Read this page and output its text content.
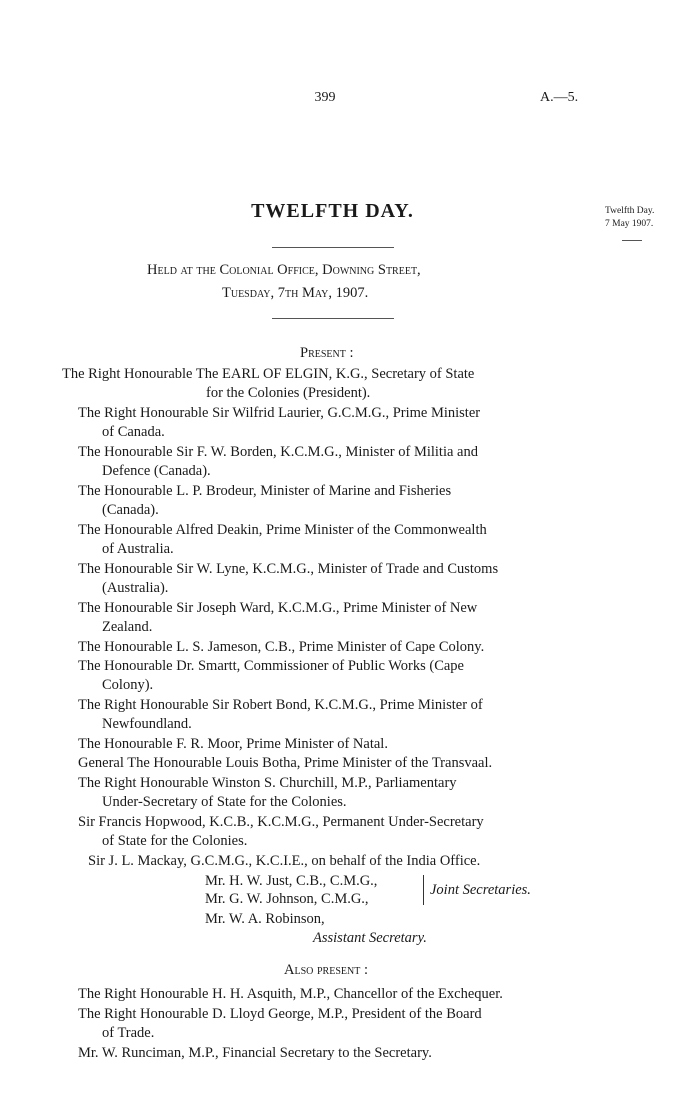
399	A.—5.
TWELFTH DAY.	Twelfth Day.
7 May 1907.
Held at the Colonial Office, Downing Street,
Tuesday, 7th May, 1907.
Present :
The Right Honourable The EARL OF ELGIN, K.G., Secretary of State
for the Colonies (President).
The Right Honourable Sir Wilfrid Laurier, G.C.M.G., Prime Minister
of Canada.
The Honourable Sir F. W. Borden, K.C.M.G., Minister of Militia and
Defence (Canada).
The Honourable L. P. Brodeur, Minister of Marine and Fisheries
(Canada).
The Honourable Alfred Deakin, Prime Minister of the Commonwealth
of Australia.
The Honourable Sir W. Lyne, K.C.M.G., Minister of Trade and Customs
(Australia).
The Honourable Sir Joseph Ward, K.C.M.G., Prime Minister of New
Zealand.
The Honourable L. S. Jameson, C.B., Prime Minister of Cape Colony.
The Honourable Dr. Smartt, Commissioner of Public Works (Cape
Colony).
The Right Honourable Sir Robert Bond, K.C.M.G., Prime Minister of
Newfoundland.
The Honourable F. R. Moor, Prime Minister of Natal.
General The Honourable Louis Botha, Prime Minister of the Transvaal.
The Right Honourable Winston S. Churchill, M.P., Parliamentary
Under-Secretary of State for the Colonies.
Sir Francis Hopwood, K.C.B., K.C.M.G., Permanent Under-Secretary
of State for the Colonies.
Sir J. L. Mackay, G.C.M.G., K.C.I.E., on behalf of the India Office.
Mr. H. W. Just, C.B., C.M.G.,
Mr. G. W. Johnson, C.M.G.,
Joint Secretaries.
Mr. W. A. Robinson,
Assistant Secretary.
Also present :
The Right Honourable H. H. Asquith, M.P., Chancellor of the Exchequer.
The Right Honourable D. Lloyd George, M.P., President of the Board
of Trade.
Mr. W. Runciman, M.P., Financial Secretary to the Secretary.
